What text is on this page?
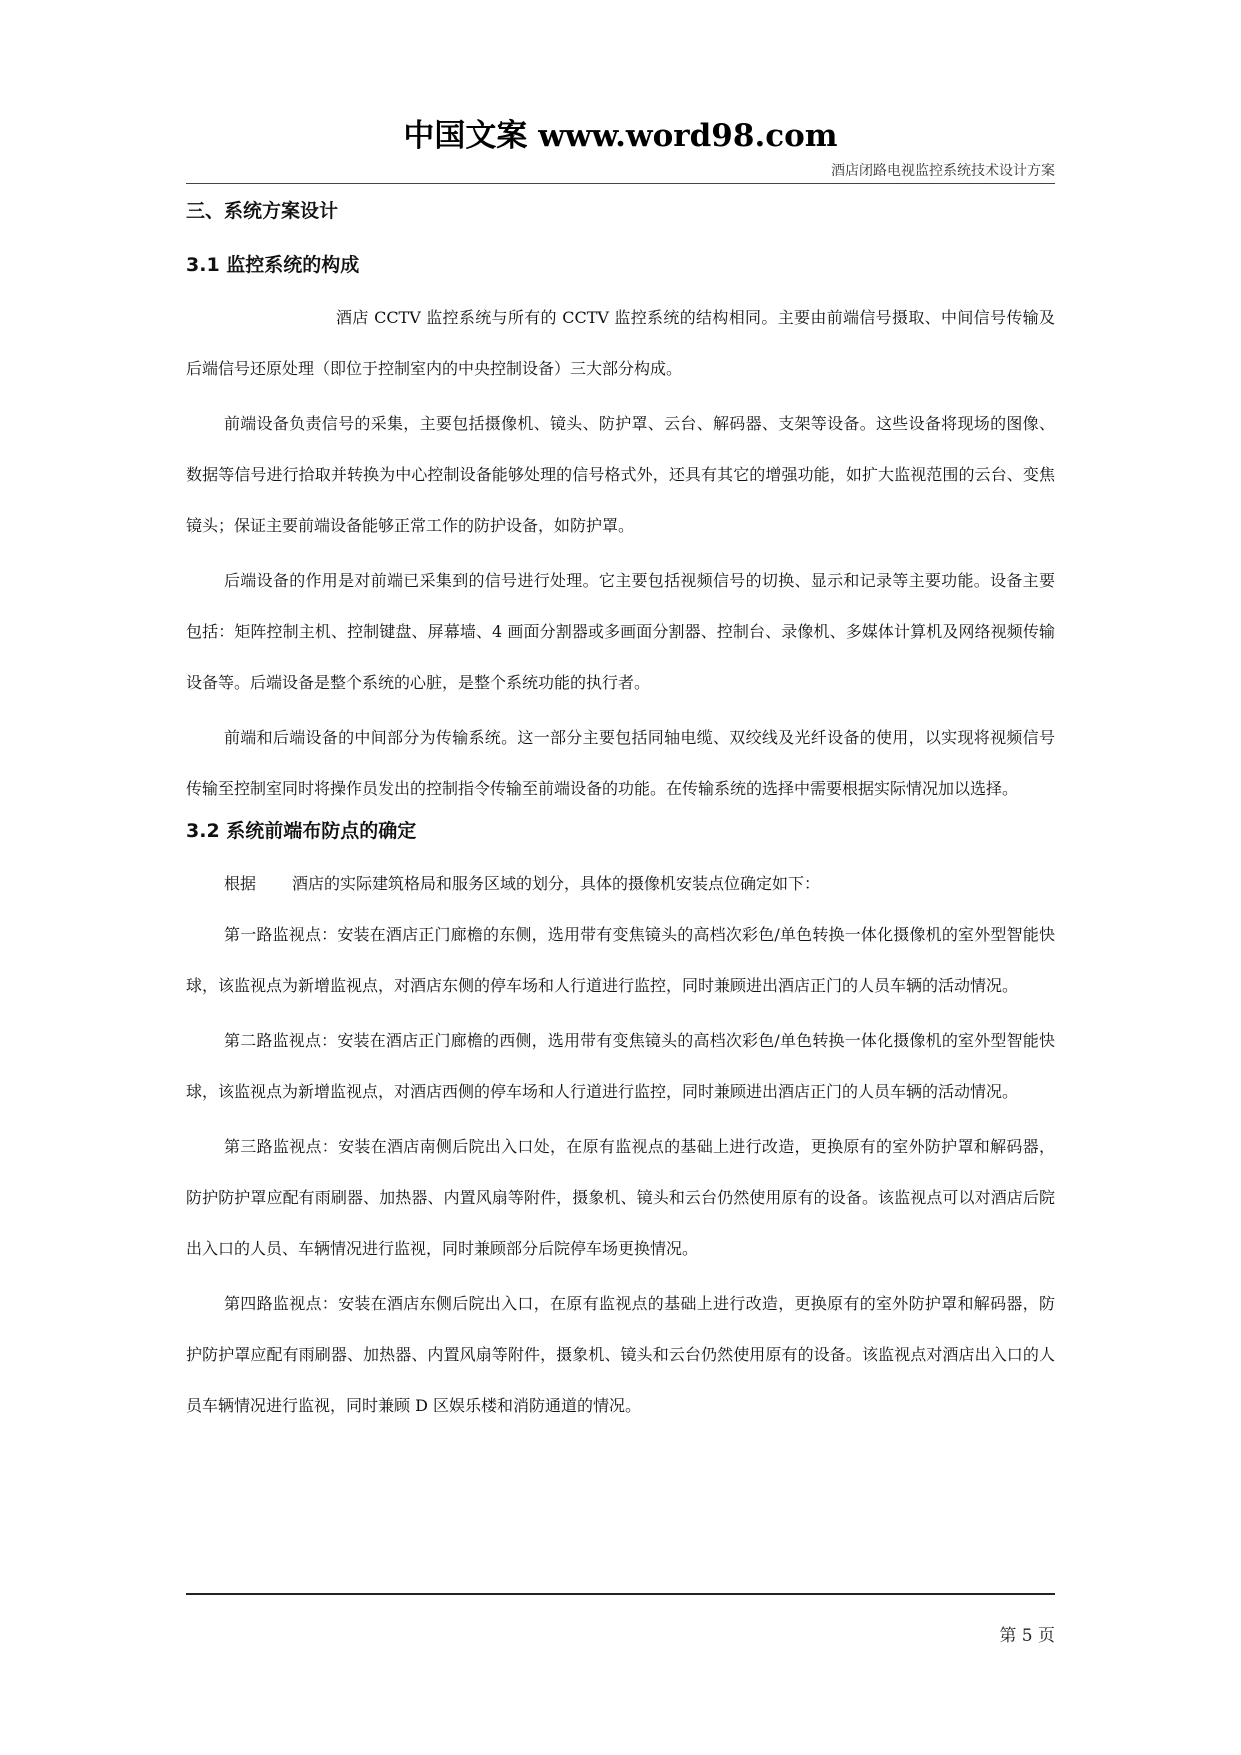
中国文案 www.word98.com
酒店闭路电视监控系统技术设计方案
三、系统方案设计
3.1 监控系统的构成

酒店 CCTV 监控系统与所有的 CCTV 监控系统的结构相同。主要由前端信号摄取、中间信号传输及后端信号还原处理（即位于控制室内的中央控制设备）三大部分构成。

前端设备负责信号的采集，主要包括摄像机、镜头、防护罩、云台、解码器、支架等设备。这些设备将现场的图像、数据等信号进行拾取并转换为中心控制设备能够处理的信号格式外，还具有其它的增强功能，如扩大监视范围的云台、变焦镜头；保证主要前端设备能够正常工作的防护设备，如防护罩。

后端设备的作用是对前端已采集到的信号进行处理。它主要包括视频信号的切换、显示和记录等主要功能。设备主要包括：矩阵控制主机、控制键盘、屏幕墙、4 画面分割器或多画面分割器、控制台、录像机、多媒体计算机及网络视频传输设备等。后端设备是整个系统的心脏，是整个系统功能的执行者。

前端和后端设备的中间部分为传输系统。这一部分主要包括同轴电缆、双绞线及光纤设备的使用，以实现将视频信号传输至控制室同时将操作员发出的控制指令传输至前端设备的功能。在传输系统的选择中需要根据实际情况加以选择。

3.2 系统前端布防点的确定

根据 酒店的实际建筑格局和服务区域的划分，具体的摄像机安装点位确定如下：

第一路监视点：安装在酒店正门廊檐的东侧，选用带有变焦镜头的高档次彩色/单色转换一体化摄像机的室外型智能快球，该监视点为新增监视点，对酒店东侧的停车场和人行道进行监控，同时兼顾进出酒店正门的人员车辆的活动情况。

第二路监视点：安装在酒店正门廊檐的西侧，选用带有变焦镜头的高档次彩色/单色转换一体化摄像机的室外型智能快球，该监视点为新增监视点，对酒店西侧的停车场和人行道进行监控，同时兼顾进出酒店正门的人员车辆的活动情况。

第三路监视点：安装在酒店南侧后院出入口处，在原有监视点的基础上进行改造，更换原有的室外防护罩和解码器，防护防护罩应配有雨刷器、加热器、内置风扇等附件，摄象机、镜头和云台仍然使用原有的设备。该监视点可以对酒店后院出入口的人员、车辆情况进行监视，同时兼顾部分后院停车场更换情况。

第四路监视点：安装在酒店东侧后院出入口，在原有监视点的基础上进行改造，更换原有的室外防护罩和解码器，防护防护罩应配有雨刷器、加热器、内置风扇等附件，摄象机、镜头和云台仍然使用原有的设备。该监视点对酒店出入口的人员车辆情况进行监视，同时兼顾 D 区娱乐楼和消防通道的情况。

第 5 页
